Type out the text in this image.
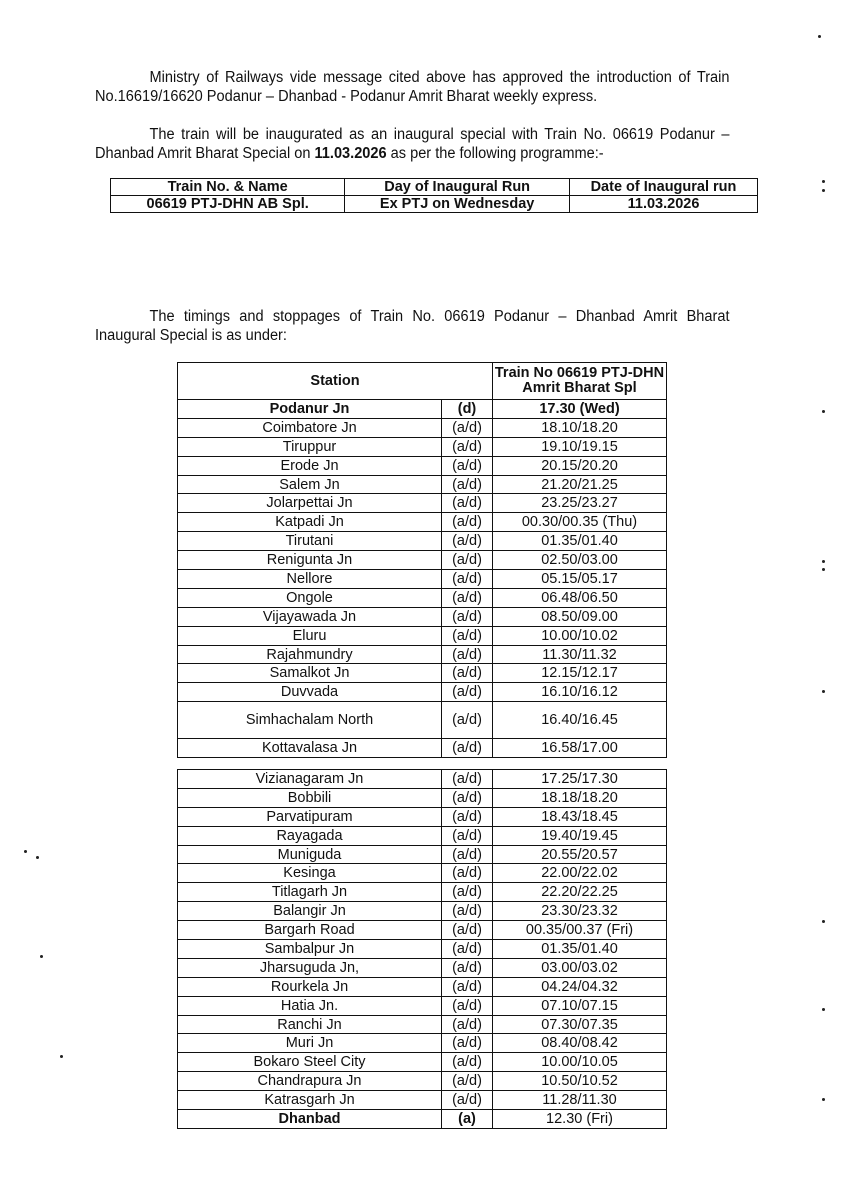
Ministry of Railways vide message cited above has approved the introduction of Train No.16619/16620 Podanur – Dhanbad - Podanur Amrit Bharat weekly express.
The train will be inaugurated as an inaugural special with Train No. 06619 Podanur – Dhanbad Amrit Bharat Special on 11.03.2026 as per the following programme:-
Train No. & Name	Day of Inaugural Run	Date of Inaugural run
06619 PTJ-DHN AB Spl.	Ex PTJ on Wednesday	11.03.2026
The timings and stoppages of Train No. 06619 Podanur – Dhanbad Amrit Bharat Inaugural Special is as under:
Station		Train No 06619 PTJ-DHN
Amrit Bharat Spl
Podanur Jn	(d)	17.30 (Wed)
Coimbatore Jn	(a/d)	18.10/18.20
Tiruppur	(a/d)	19.10/19.15
Erode Jn	(a/d)	20.15/20.20
Salem Jn	(a/d)	21.20/21.25
Jolarpettai Jn	(a/d)	23.25/23.27
Katpadi Jn	(a/d)	00.30/00.35 (Thu)
Tirutani	(a/d)	01.35/01.40
Renigunta Jn	(a/d)	02.50/03.00
Nellore	(a/d)	05.15/05.17
Ongole	(a/d)	06.48/06.50
Vijayawada Jn	(a/d)	08.50/09.00
Eluru	(a/d)	10.00/10.02
Rajahmundry	(a/d)	11.30/11.32
Samalkot Jn	(a/d)	12.15/12.17
Duvvada	(a/d)	16.10/16.12
Simhachalam North	(a/d)	16.40/16.45
Kottavalasa Jn	(a/d)	16.58/17.00
Vizianagaram Jn	(a/d)	17.25/17.30
Bobbili	(a/d)	18.18/18.20
Parvatipuram	(a/d)	18.43/18.45
Rayagada	(a/d)	19.40/19.45
Muniguda	(a/d)	20.55/20.57
Kesinga	(a/d)	22.00/22.02
Titlagarh Jn	(a/d)	22.20/22.25
Balangir Jn	(a/d)	23.30/23.32
Bargarh Road	(a/d)	00.35/00.37 (Fri)
Sambalpur Jn	(a/d)	01.35/01.40
Jharsuguda Jn,	(a/d)	03.00/03.02
Rourkela Jn	(a/d)	04.24/04.32
Hatia Jn.	(a/d)	07.10/07.15
Ranchi Jn	(a/d)	07.30/07.35
Muri Jn	(a/d)	08.40/08.42
Bokaro Steel City	(a/d)	10.00/10.05
Chandrapura Jn	(a/d)	10.50/10.52
Katrasgarh Jn	(a/d)	11.28/11.30
Dhanbad	(a)	12.30 (Fri)
